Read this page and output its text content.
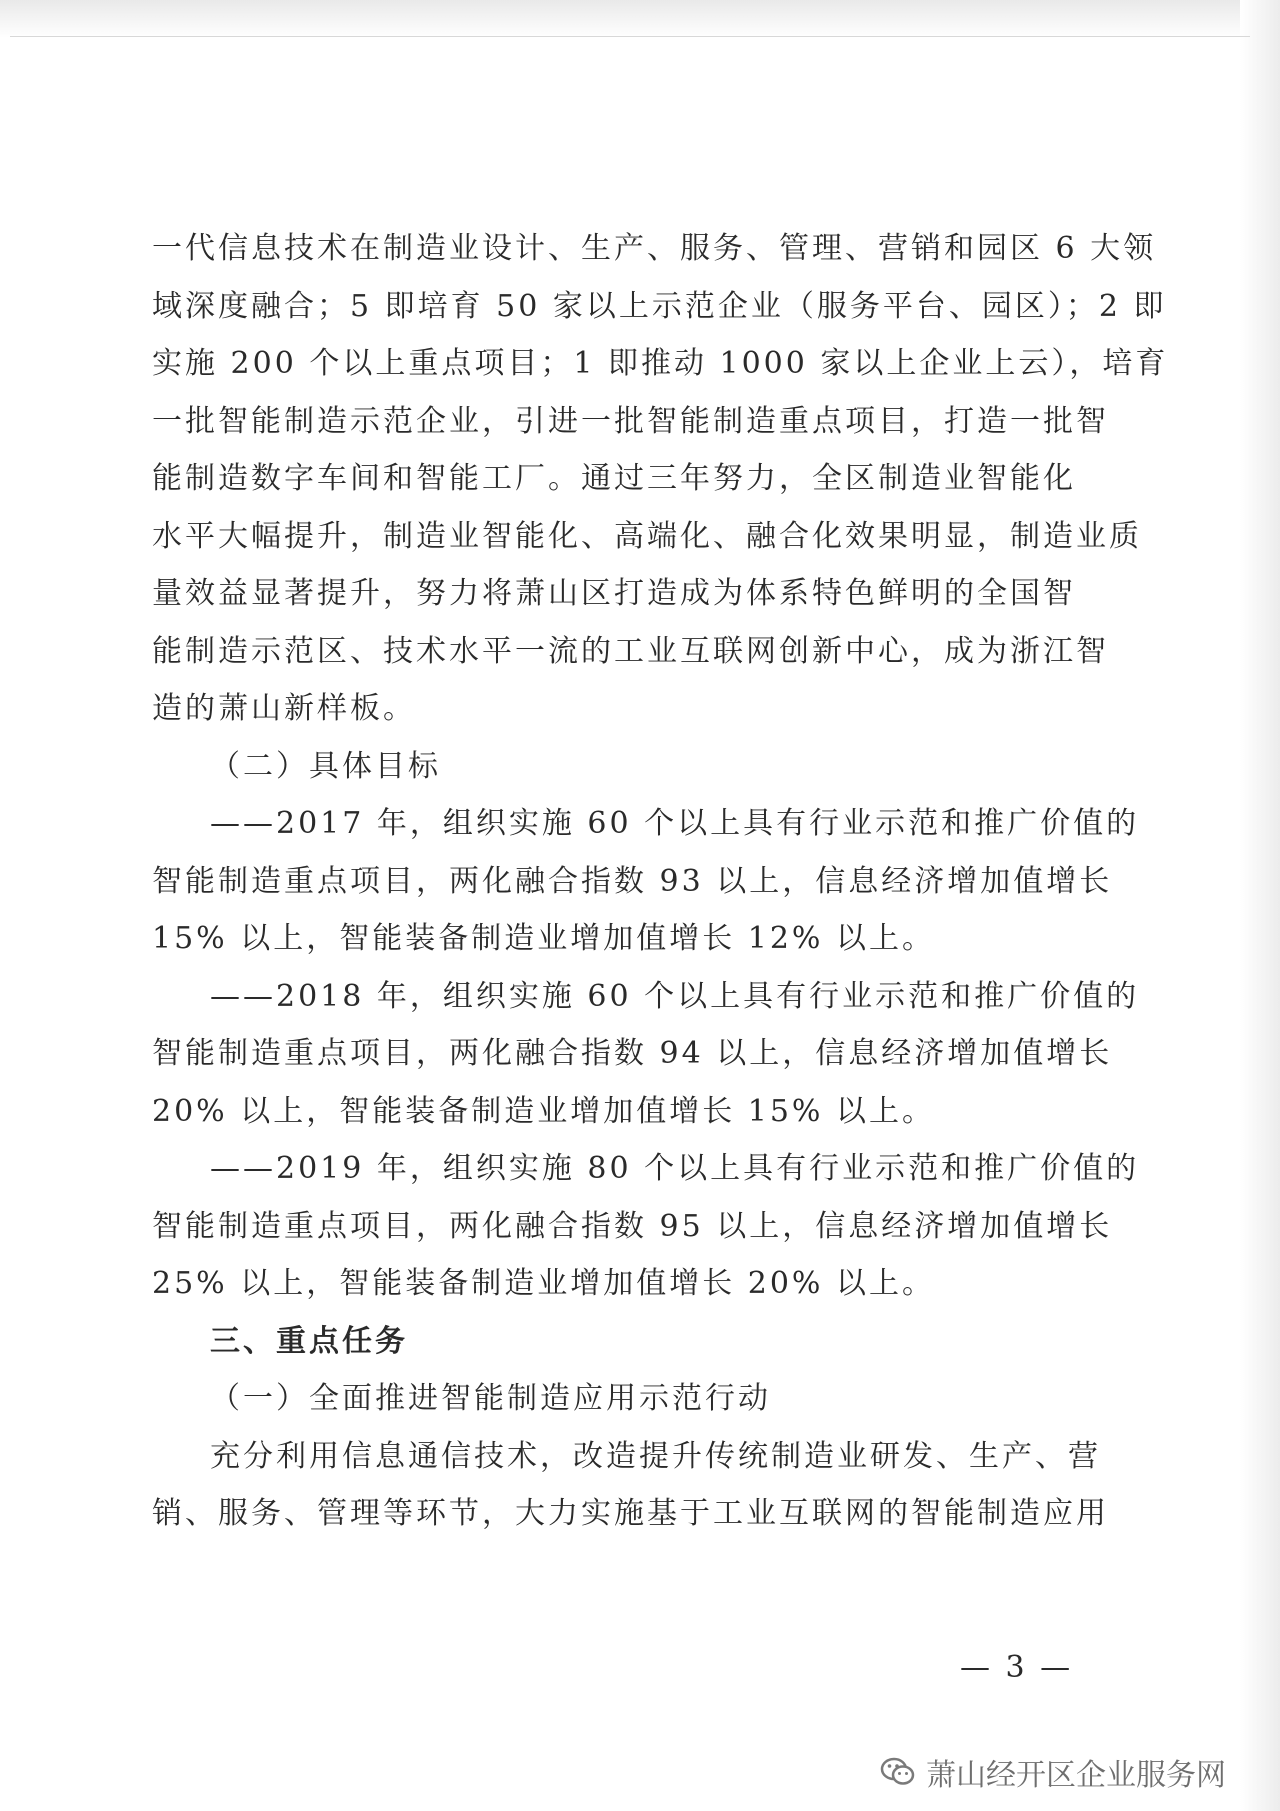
一代信息技术在制造业设计、生产、服务、管理、营销和园区 6 大领
域深度融合；5 即培育 50 家以上示范企业（服务平台、园区）；2 即
实施 200 个以上重点项目；1 即推动 1000 家以上企业上云），培育
一批智能制造示范企业，引进一批智能制造重点项目，打造一批智
能制造数字车间和智能工厂。通过三年努力，全区制造业智能化
水平大幅提升，制造业智能化、高端化、融合化效果明显，制造业质
量效益显著提升，努力将萧山区打造成为体系特色鲜明的全国智
能制造示范区、技术水平一流的工业互联网创新中心，成为浙江智
造的萧山新样板。

（二）具体目标

——2017 年，组织实施 60 个以上具有行业示范和推广价值的
智能制造重点项目，两化融合指数 93 以上，信息经济增加值增长
15% 以上，智能装备制造业增加值增长 12% 以上。

——2018 年，组织实施 60 个以上具有行业示范和推广价值的
智能制造重点项目，两化融合指数 94 以上，信息经济增加值增长
20% 以上，智能装备制造业增加值增长 15% 以上。

——2019 年，组织实施 80 个以上具有行业示范和推广价值的
智能制造重点项目，两化融合指数 95 以上，信息经济增加值增长
25% 以上，智能装备制造业增加值增长 20% 以上。

三、重点任务

（一）全面推进智能制造应用示范行动

充分利用信息通信技术，改造提升传统制造业研发、生产、营
销、服务、管理等环节，大力实施基于工业互联网的智能制造应用

— 3 —
萧山经开区企业服务网
